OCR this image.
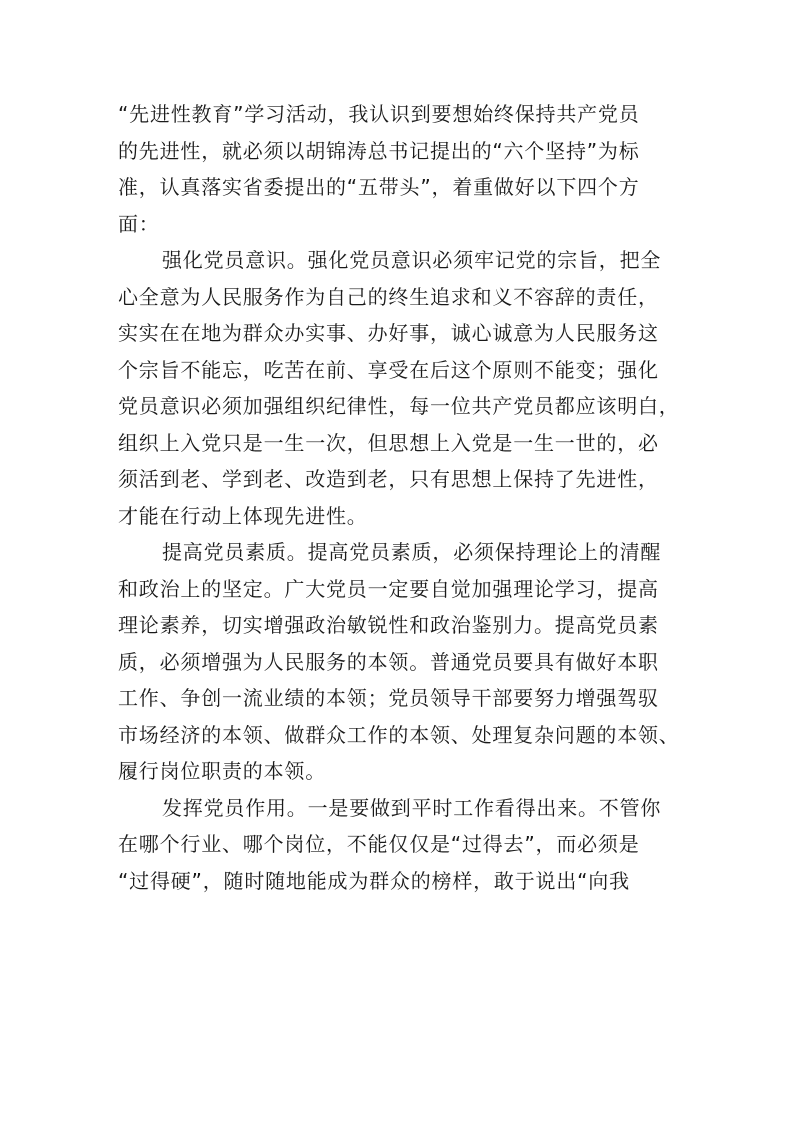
“先进性教育”学习活动，我认识到要想始终保持共产党员
的先进性，就必须以胡锦涛总书记提出的“六个坚持”为标
准，认真落实省委提出的“五带头”，着重做好以下四个方
面：
强化党员意识。强化党员意识必须牢记党的宗旨，把全
心全意为人民服务作为自己的终生追求和义不容辞的责任，
实实在在地为群众办实事、办好事，诚心诚意为人民服务这
个宗旨不能忘，吃苦在前、享受在后这个原则不能变；强化
党员意识必须加强组织纪律性，每一位共产党员都应该明白，
组织上入党只是一生一次，但思想上入党是一生一世的，必
须活到老、学到老、改造到老，只有思想上保持了先进性，
才能在行动上体现先进性。
提高党员素质。提高党员素质，必须保持理论上的清醒
和政治上的坚定。广大党员一定要自觉加强理论学习，提高
理论素养，切实增强政治敏锐性和政治鉴别力。提高党员素
质，必须增强为人民服务的本领。普通党员要具有做好本职
工作、争创一流业绩的本领；党员领导干部要努力增强驾驭
市场经济的本领、做群众工作的本领、处理复杂问题的本领、
履行岗位职责的本领。
发挥党员作用。一是要做到平时工作看得出来。不管你
在哪个行业、哪个岗位，不能仅仅是“过得去”，而必须是
“过得硬”，随时随地能成为群众的榜样，敢于说出“向我
